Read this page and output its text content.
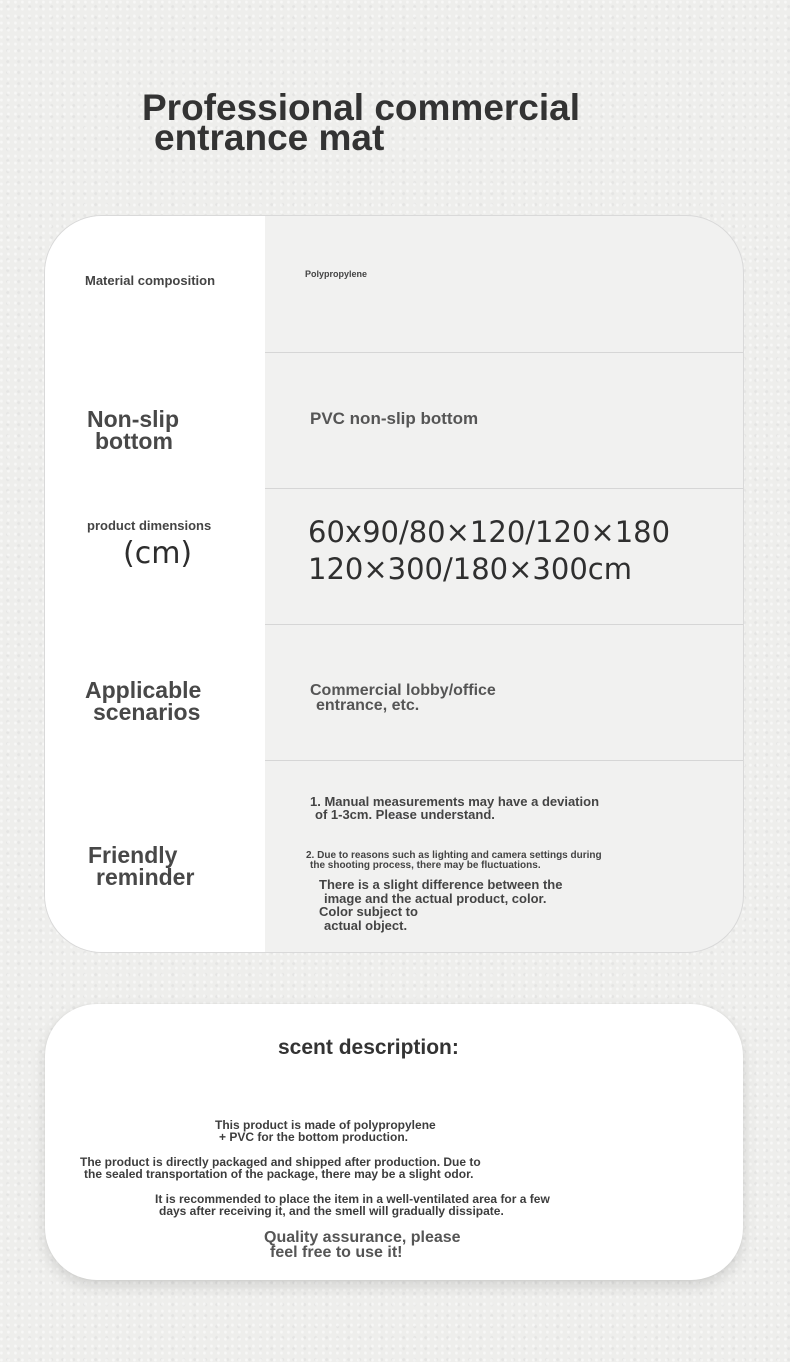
Professional commercial
entrance mat
Material composition	Polypropylene
Non-slip
bottom
PVC non-slip bottom
product dimensions
(cm)
60x90/80×120/120×180
120×300/180×300cm
Applicable
scenarios
Commercial lobby/office
entrance, etc.
Friendly
reminder
1. Manual measurements may have a deviation
of 1-3cm. Please understand.
2. Due to reasons such as lighting and camera settings during
the shooting process, there may be fluctuations.
There is a slight difference between the
image and the actual product, color.
Color subject to
actual object.
scent description:
This product is made of polypropylene
+ PVC for the bottom production.
The product is directly packaged and shipped after production. Due to
the sealed transportation of the package, there may be a slight odor.
It is recommended to place the item in a well-ventilated area for a few
days after receiving it, and the smell will gradually dissipate.
Quality assurance, please
feel free to use it!
